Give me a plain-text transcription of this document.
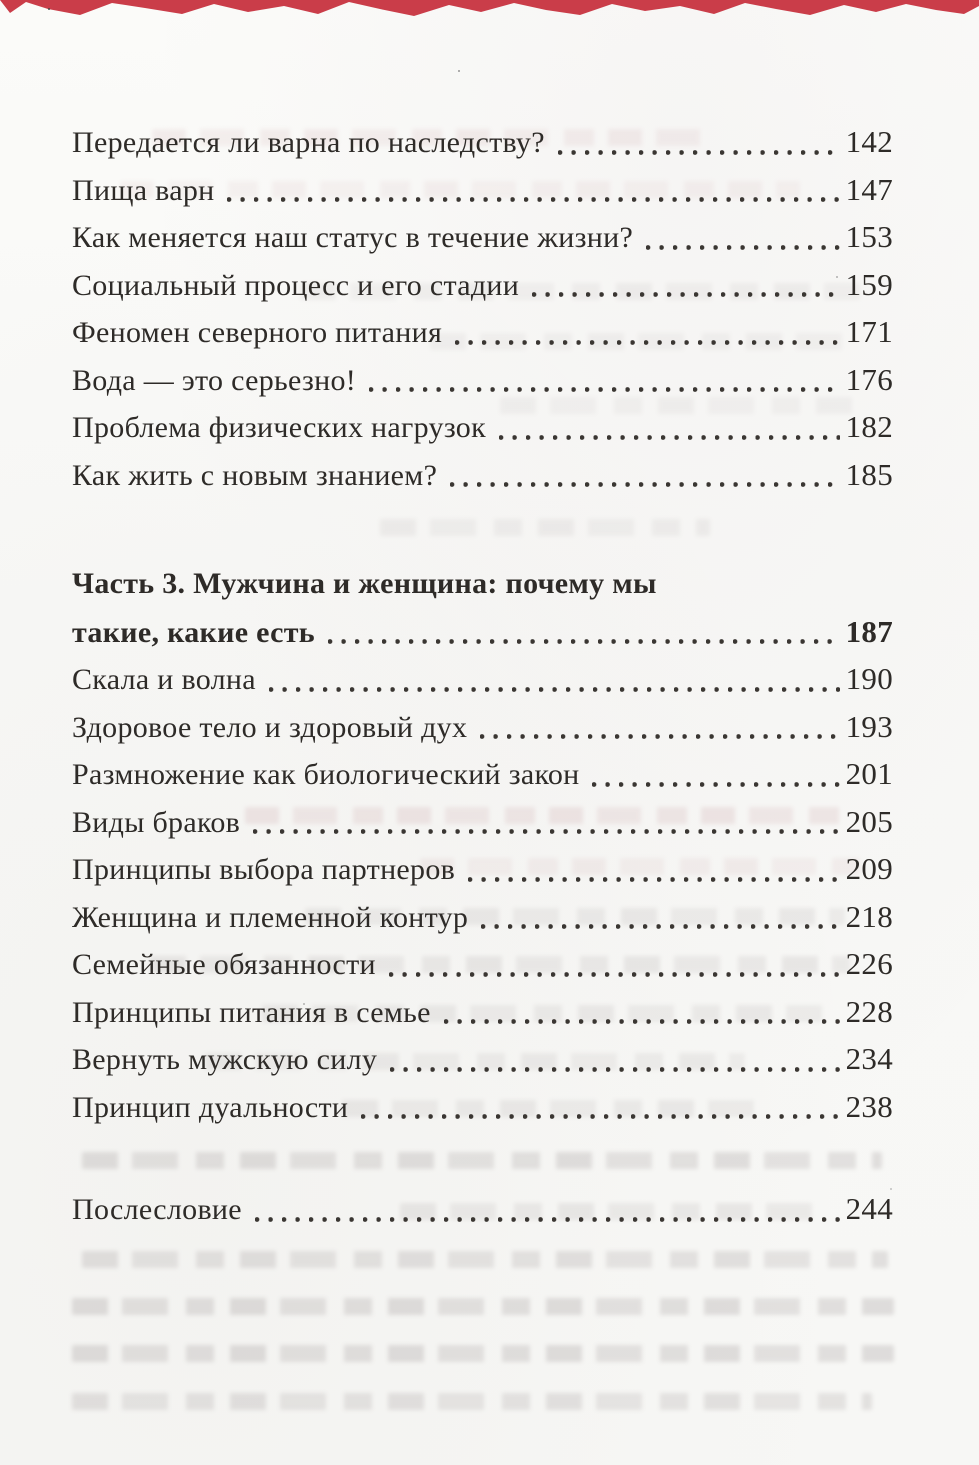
Передается ли варна по наследству?	142
Пища варн	147
Как меняется наш статус в течение жизни?	153
Социальный процесс и его стадии	159
Феномен северного питания	171
Вода — это серьезно!	176
Проблема физических нагрузок	182
Как жить с новым знанием?	185
Часть 3. Мужчина и женщина: почему мы
такие, какие есть	187
Скала и волна	190
Здоровое тело и здоровый дух	193
Размножение как биологический закон	201
Виды браков	205
Принципы выбора партнеров	209
Женщина и племенной контур	218
Семейные обязанности	226
Принципы питания в семье	228
Вернуть мужскую силу	234
Принцип дуальности	238
Послесловие	244
